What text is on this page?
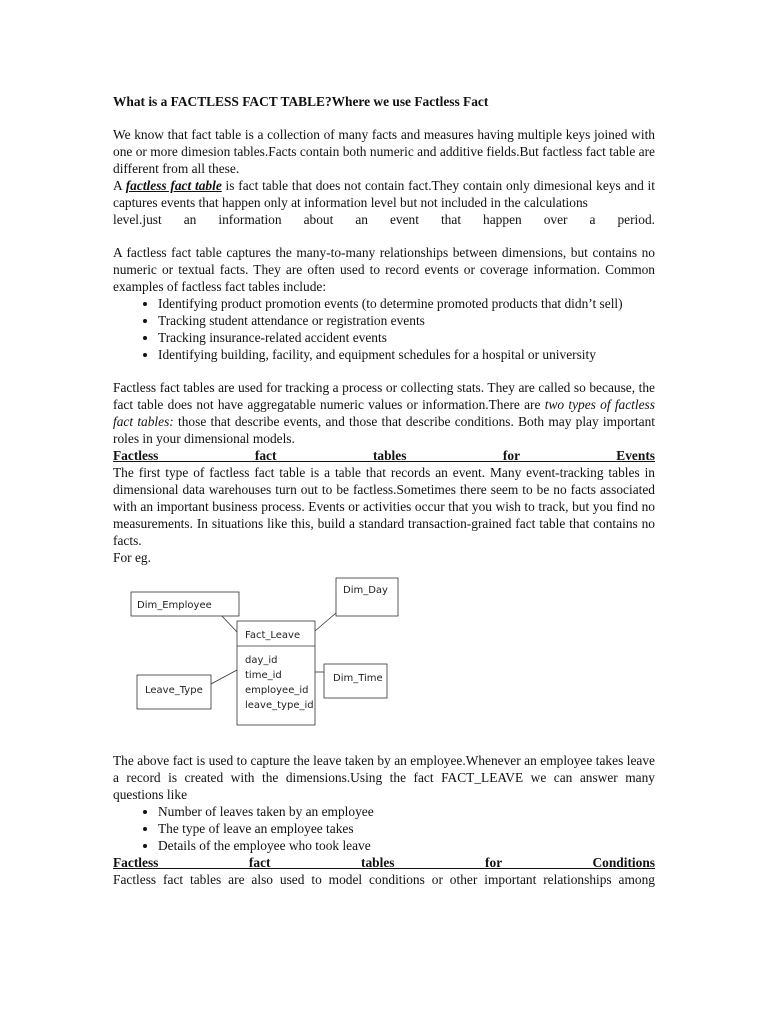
What is a FACTLESS FACT TABLE?Where we use Factless Fact

We know that fact table is a collection of many facts and measures having multiple keys joined with one or more dimesion tables.Facts contain both numeric and additive fields.But factless fact table are different from all these.

A factless fact table is fact table that does not contain fact.They contain only dimesional keys and it captures events that happen only at information level but not included in the calculations

level.just an information about an event that happen over a period.

A factless fact table captures the many-to-many relationships between dimensions, but contains no numeric or textual facts. They are often used to record events or coverage information. Common examples of factless fact tables include:

• Identifying product promotion events (to determine promoted products that didn’t sell)
• Tracking student attendance or registration events
• Tracking insurance-related accident events
• Identifying building, facility, and equipment schedules for a hospital or university

Factless fact tables are used for tracking a process or collecting stats. They are called so because, the fact table does not have aggregatable numeric values or information.There are two types of factless fact tables: those that describe events, and those that describe conditions. Both may play important roles in your dimensional models.

Factless fact tables for Events

The first type of factless fact table is a table that records an event. Many event-tracking tables in dimensional data warehouses turn out to be factless.Sometimes there seem to be no facts associated with an important business process. Events or activities occur that you wish to track, but you find no measurements. In situations like this, build a standard transaction-grained fact table that contains no facts.

For eg.

Dim_Employee
Dim_Day
Fact_Leave
day_id
time_id
employee_id
leave_type_id
Dim_Time
Leave_Type

The above fact is used to capture the leave taken by an employee.Whenever an employee takes leave a record is created with the dimensions.Using the fact FACT_LEAVE we can answer many questions like

• Number of leaves taken by an employee
• The type of leave an employee takes
• Details of the employee who took leave

Factless fact tables for Conditions

Factless fact tables are also used to model conditions or other important relationships among
